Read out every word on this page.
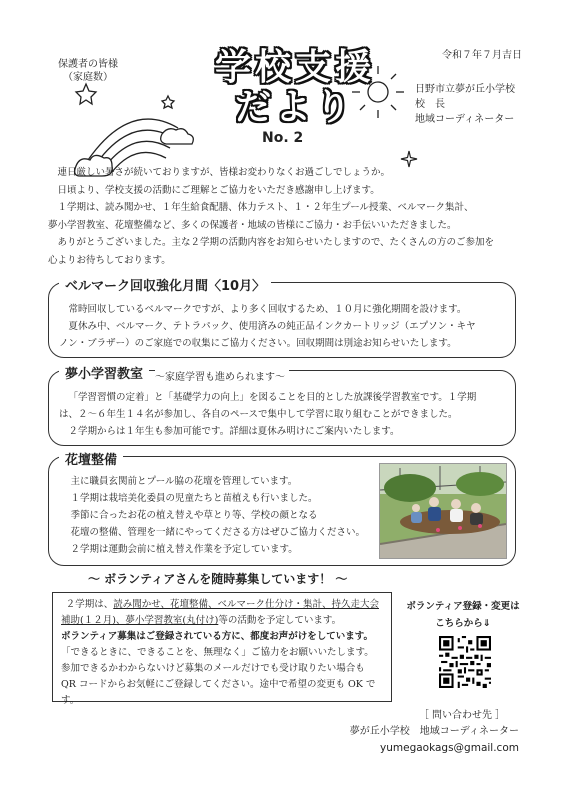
保護者の皆様
（家庭数）	学校支援
だより
No. 2
令和７年７月吉日
日野市立夢が丘小学校
校　長
地域コーディネーター

連日厳しい暑さが続いておりますが、皆様お変わりなくお過ごしでしょうか。

日頃より、学校支援の活動にご理解とご協力をいただき感謝申し上げます。

１学期は、読み聞かせ、１年生給食配膳、体力テスト、１・２年生プール授業、ベルマーク集計、

夢小学習教室、花壇整備など、多くの保護者・地域の皆様にご協力・お手伝いいただきました。

ありがとうございました。主な２学期の活動内容をお知らせいたしますので、たくさんの方のご参加を

心よりお待ちしております。

ベルマーク回収強化月間〈10月〉

常時回収しているベルマークですが、より多く回収するため、１０月に強化期間を設けます。

夏休み中、ベルマーク、テトラパック、使用済みの純正品インクカートリッジ（エプソン・キヤ

ノン・ブラザー）のご家庭での収集にご協力ください。回収期間は別途お知らせいたします。

夢小学習教室	～家庭学習も進められます～

「学習習慣の定着」と「基礎学力の向上」を図ることを目的とした放課後学習教室です。１学期

は、２～６年生１４名が参加し、各自のペースで集中して学習に取り組むことができました。

２学期からは１年生も参加可能です。詳細は夏休み明けにご案内いたします。

花壇整備

主に職員玄関前とプール脇の花壇を管理しています。

１学期は栽培美化委員の児童たちと苗植えも行いました。

季節に合ったお花の植え替えや草とり等、学校の顔となる

花壇の整備、管理を一緒にやってくださる方はぜひご協力ください。

２学期は運動会前に植え替え作業を予定しています。

～ ボランティアさんを随時募集しています！ ～

２学期は、読み聞かせ、花壇整備、ベルマーク仕分け・集計、持久走大会

補助(１２月)、夢小学習教室(丸付け)等の活動を予定しています。

ボランティア募集はご登録されている方に、都度お声がけをしています。

「できるときに、できることを、無理なく」ご協力をお願いいたします。

参加できるかわからないけど募集のメールだけでも受け取りたい場合も

QR コードからお気軽にご登録してください。途中で希望の変更も OK です。

ボランティア登録・変更は
こちらから⇓
［ 問い合わせ先 ］
夢が丘小学校　地域コーディネーター
yumegaokags@gmail.com
